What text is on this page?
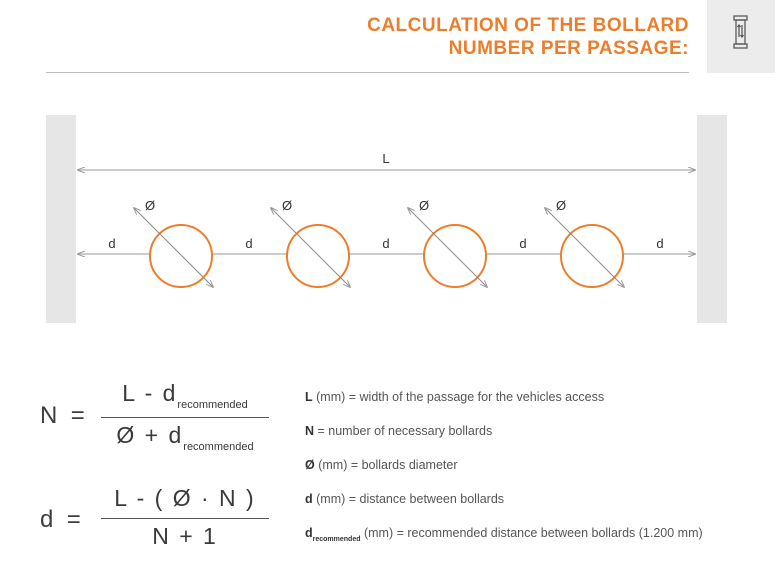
CALCULATION OF THE BOLLARD
NUMBER PER PASSAGE:
L
d	d	d	d	d
Ø	Ø	Ø	Ø
N =
L - $d_{recommended}$
Ø + $d_{recommended}$
d =
L - ( Ø · N )
N + 1
L (mm) = width of the passage for the vehicles access
N = number of necessary bollards
Ø (mm) = bollards diameter
d (mm) = distance between bollards
$d_{recommended}$ (mm) = recommended distance between bollards (1.200 mm)
